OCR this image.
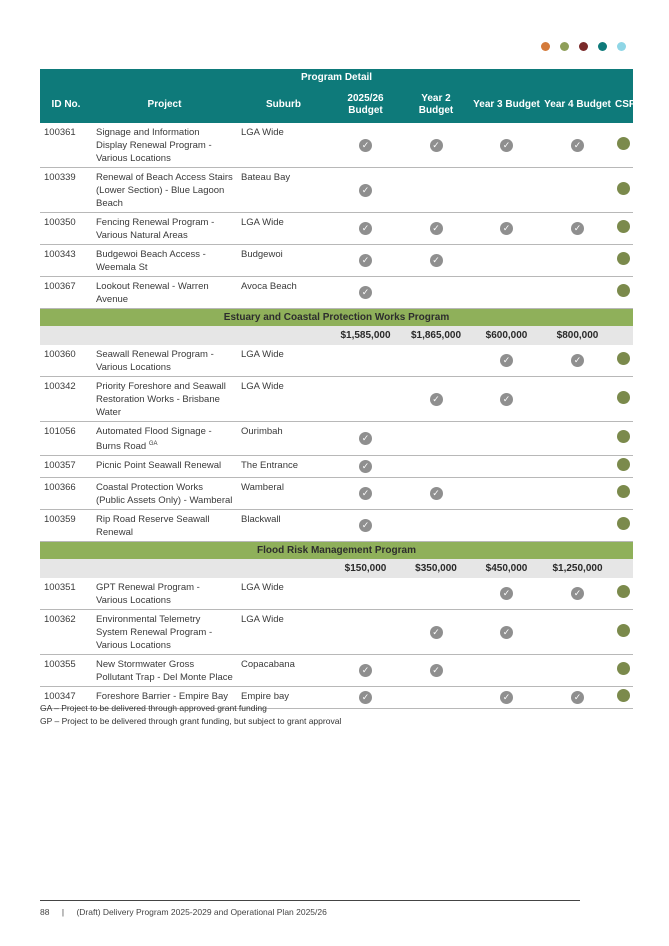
Program Detail							
ID No.	Project	Suburb	2025/26 Budget	Year 2 Budget	Year 3 Budget	Year 4 Budget	CSP
100361	Signage and Information Display Renewal Program - Various Locations	LGA Wide	✓	✓	✓	✓	
100339	Renewal of Beach Access Stairs (Lower Section) - Blue Lagoon Beach	Bateau Bay	✓				
100350	Fencing Renewal Program - Various Natural Areas	LGA Wide	✓	✓	✓	✓	
100343	Budgewoi Beach Access - Weemala St	Budgewoi	✓	✓			
100367	Lookout Renewal - Warren Avenue	Avoca Beach	✓				
Estuary and Coastal Protection Works Program							
			$1,585,000	$1,865,000	$600,000	$800,000	
100360	Seawall Renewal Program - Various Locations	LGA Wide			✓	✓	
100342	Priority Foreshore and Seawall Restoration Works - Brisbane Water	LGA Wide		✓	✓		
101056	Automated Flood Signage - Burns Road $^{GA}$	Ourimbah	✓				
100357	Picnic Point Seawall Renewal	The Entrance	✓				
100366	Coastal Protection Works (Public Assets Only) - Wamberal	Wamberal	✓	✓			
100359	Rip Road Reserve Seawall Renewal	Blackwall	✓				
Flood Risk Management Program							
			$150,000	$350,000	$450,000	$1,250,000	
100351	GPT Renewal Program - Various Locations	LGA Wide			✓	✓	
100362	Environmental Telemetry System Renewal Program - Various Locations	LGA Wide		✓	✓		
100355	New Stormwater Gross Pollutant Trap - Del Monte Place	Copacabana	✓	✓			
100347	Foreshore Barrier - Empire Bay	Empire bay	✓		✓	✓	
GA – Project to be delivered through approved grant funding
GP – Project to be delivered through grant funding, but subject to grant approval
88 | (Draft) Delivery Program 2025-2029 and Operational Plan 2025/26
